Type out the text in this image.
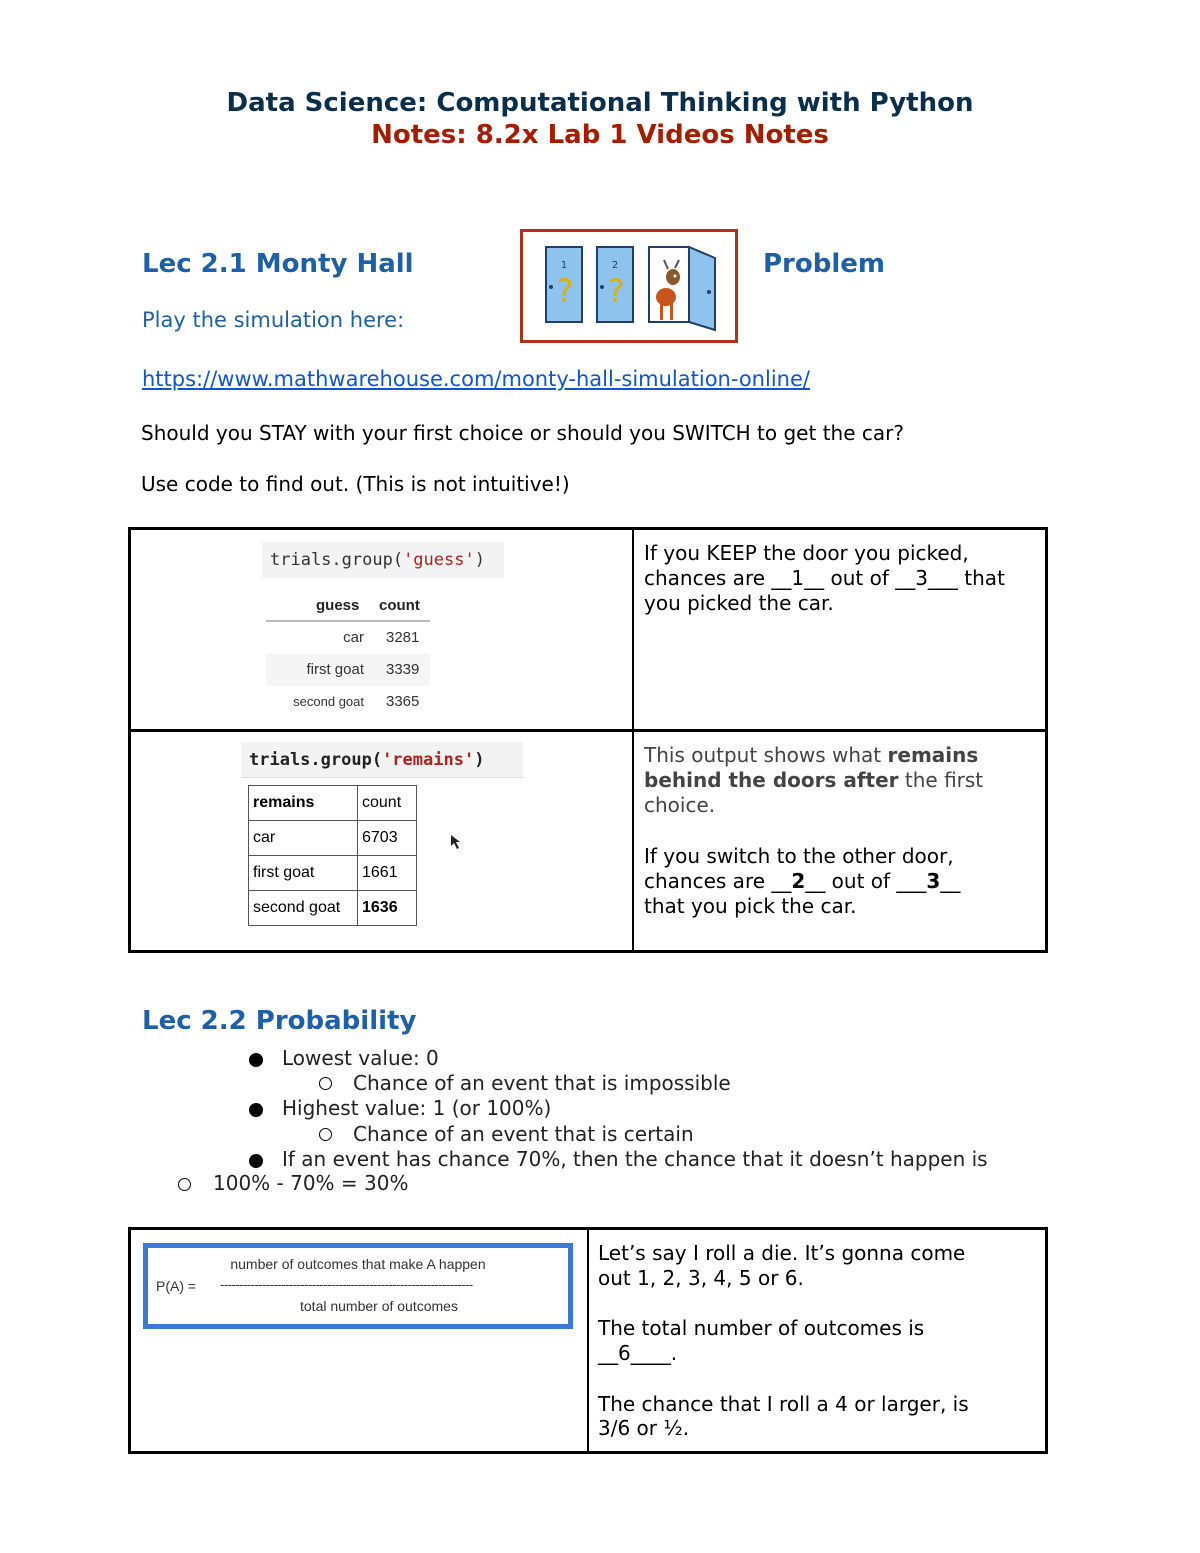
Data Science: Computational Thinking with Python
Notes: 8.2x Lab 1 Videos Notes
Lec 2.1 Monty Hall	Problem
1
?
2
?
Play the simulation here:
https://www.mathwarehouse.com/monty-hall-simulation-online/
Should you STAY with your first choice or should you SWITCH to get the car?
Use code to find out. (This is not intuitive!)
trials.group('guess')
guess count
car 3281
first goat 3339
second goat 3365
If you KEEP the door you picked,
chances are __1__ out of __3___ that
you picked the car.
trials.group('remains')
remains	count
car	6703
first goat	1661
second goat	1636
This output shows what remains
behind the doors after the first
choice.
If you switch to the other door,
chances are __2__ out of ___3__
that you pick the car.
Lec 2.2 Probability
Lowest value: 0
Chance of an event that is impossible
Highest value: 1 (or 100%)
Chance of an event that is certain
If an event has chance 70%, then the chance that it doesn’t happen is
100% - 70% = 30%
number of outcomes that make A happen
P(A) = ------------------------------------------------------------------
total number of outcomes
Let’s say I roll a die. It’s gonna come
out 1, 2, 3, 4, 5 or 6.
The total number of outcomes is
__6____.
The chance that I roll a 4 or larger, is
3/6 or ½.
